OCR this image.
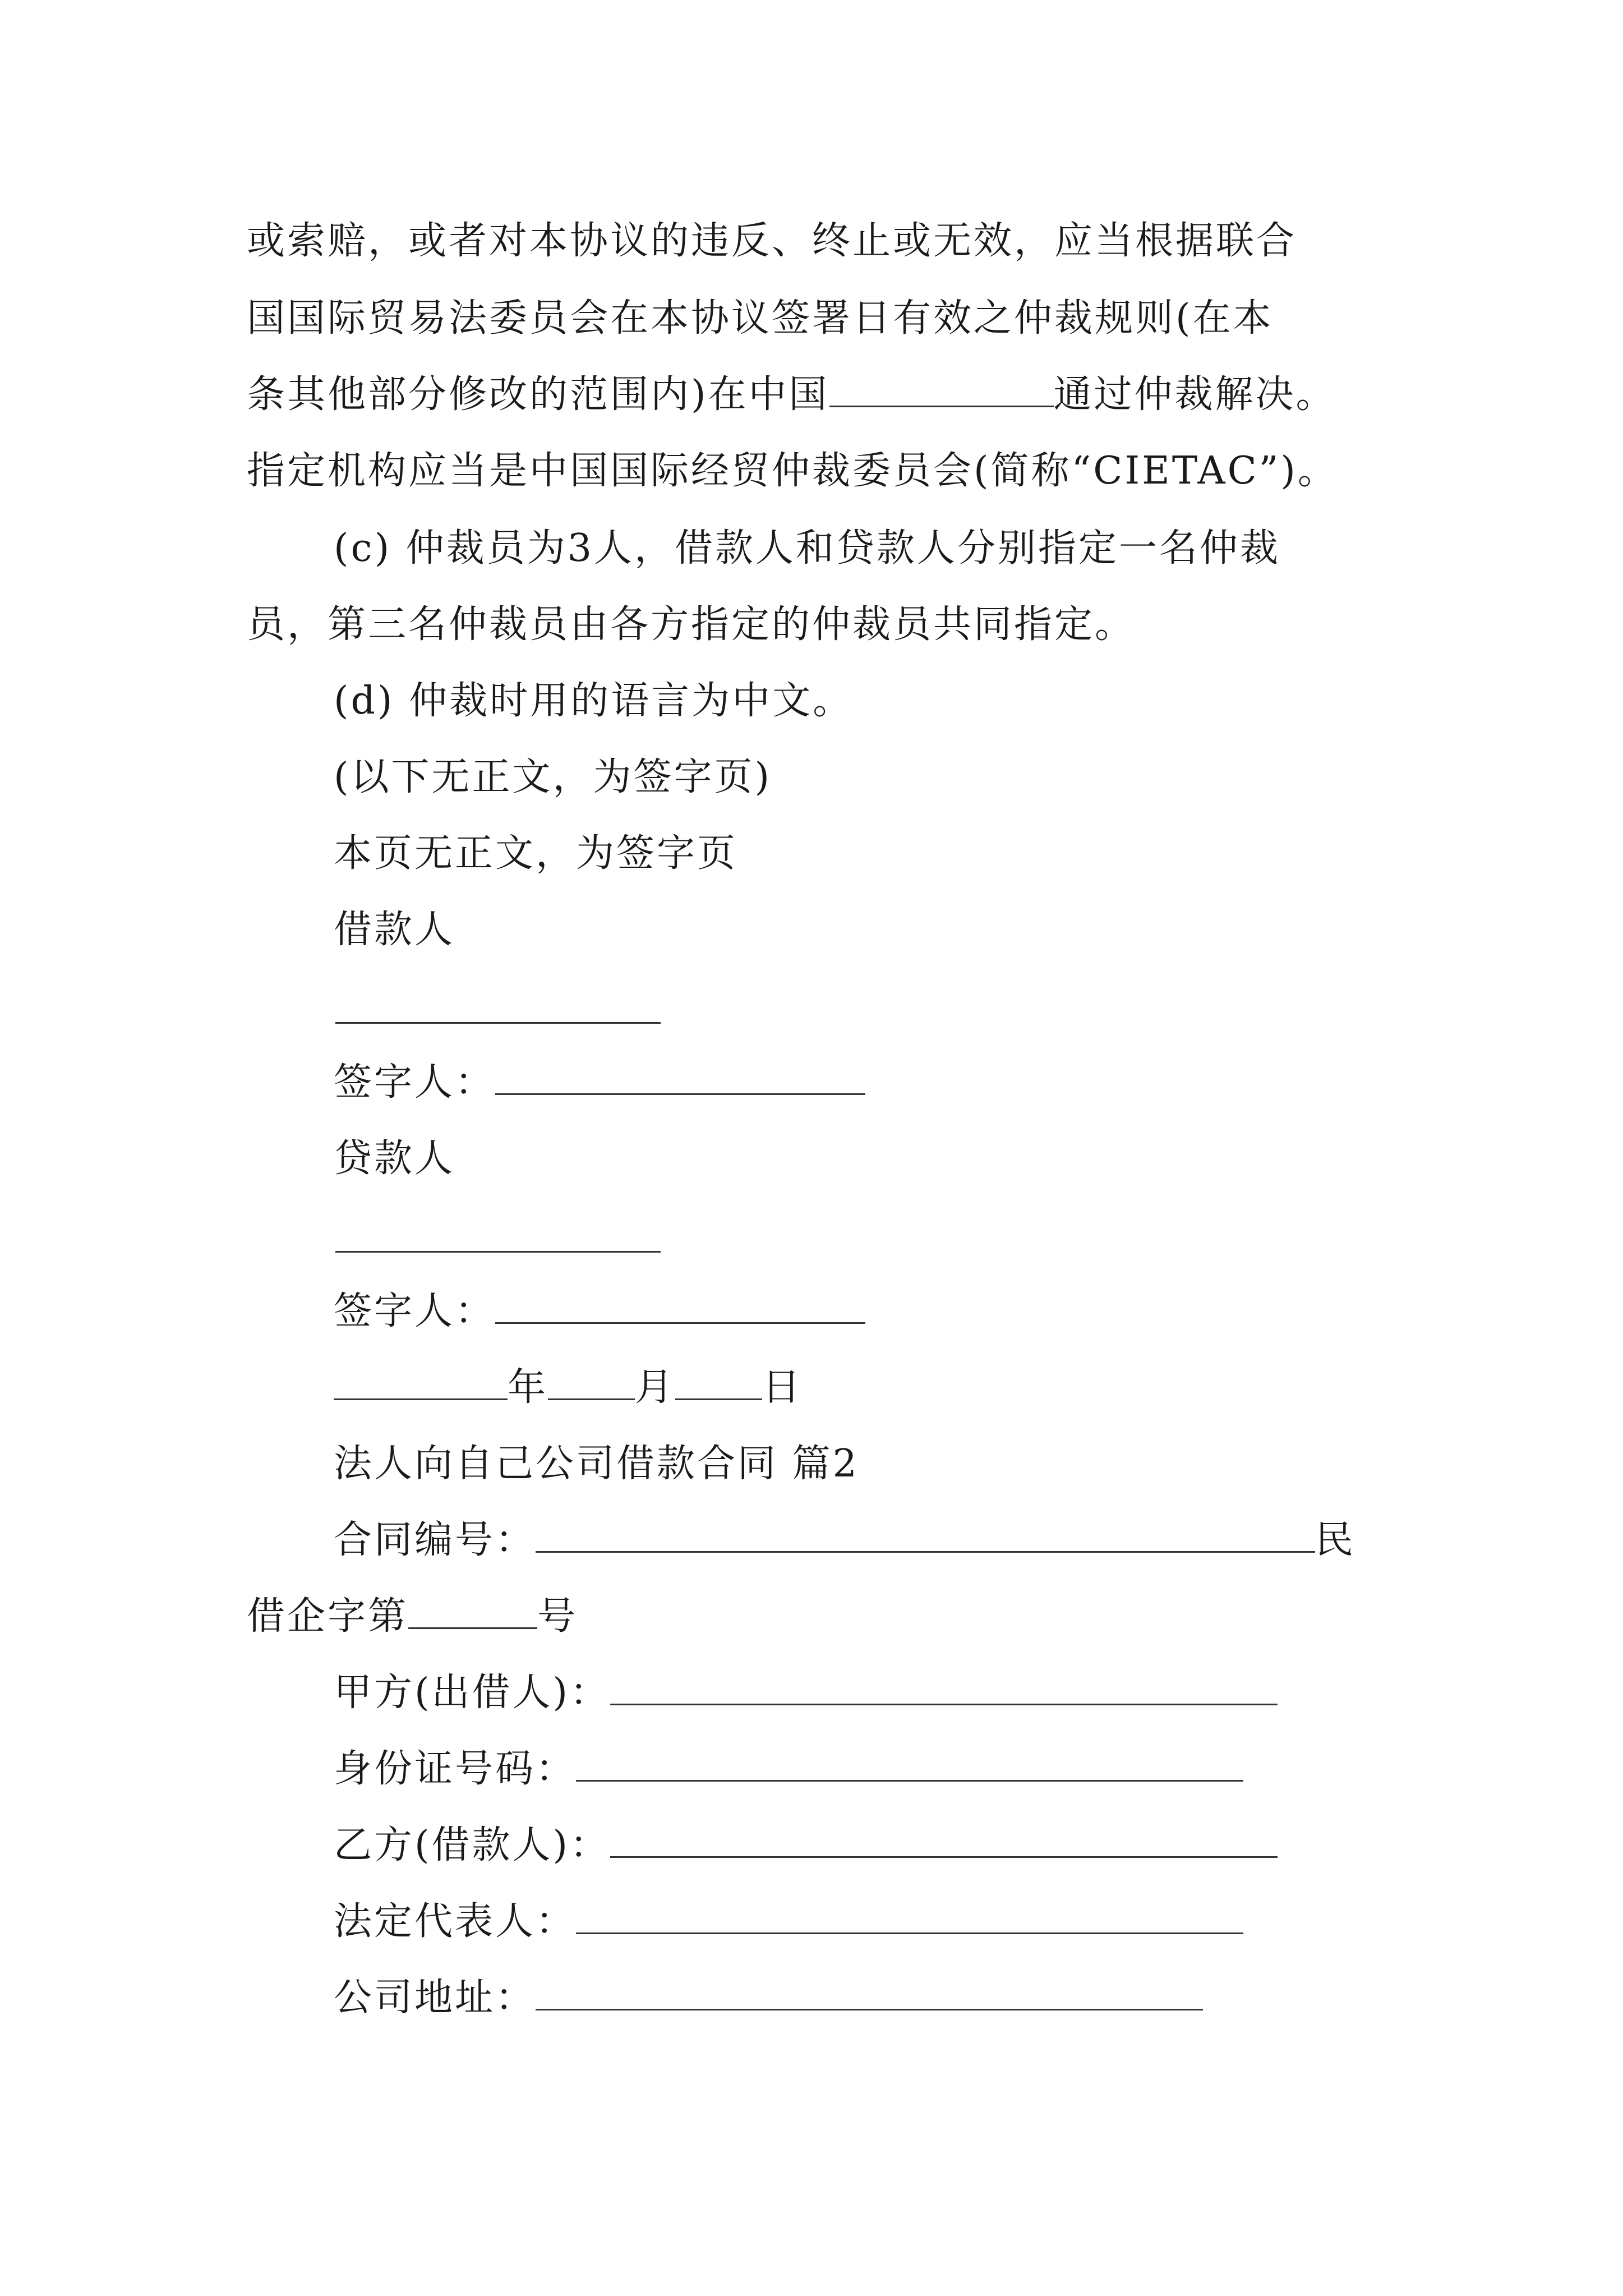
或索赔，或者对本协议的违反、终止或无效，应当根据联合
国国际贸易法委员会在本协议签署日有效之仲裁规则(在本
条其他部分修改的范围内)在中国	通过仲裁解决。
指定机构应当是中国国际经贸仲裁委员会(简称“CIETAC”)。
(c) 仲裁员为3人，借款人和贷款人分别指定一名仲裁
员，第三名仲裁员由各方指定的仲裁员共同指定。
(d) 仲裁时用的语言为中文。
(以下无正文，为签字页)
本页无正文，为签字页
借款人
签字人：
贷款人
签字人：
年 月 日
法人向自己公司借款合同 篇2
合同编号：	民
借企字第	号
甲方(出借人)：
身份证号码：
乙方(借款人)：
法定代表人：
公司地址：
